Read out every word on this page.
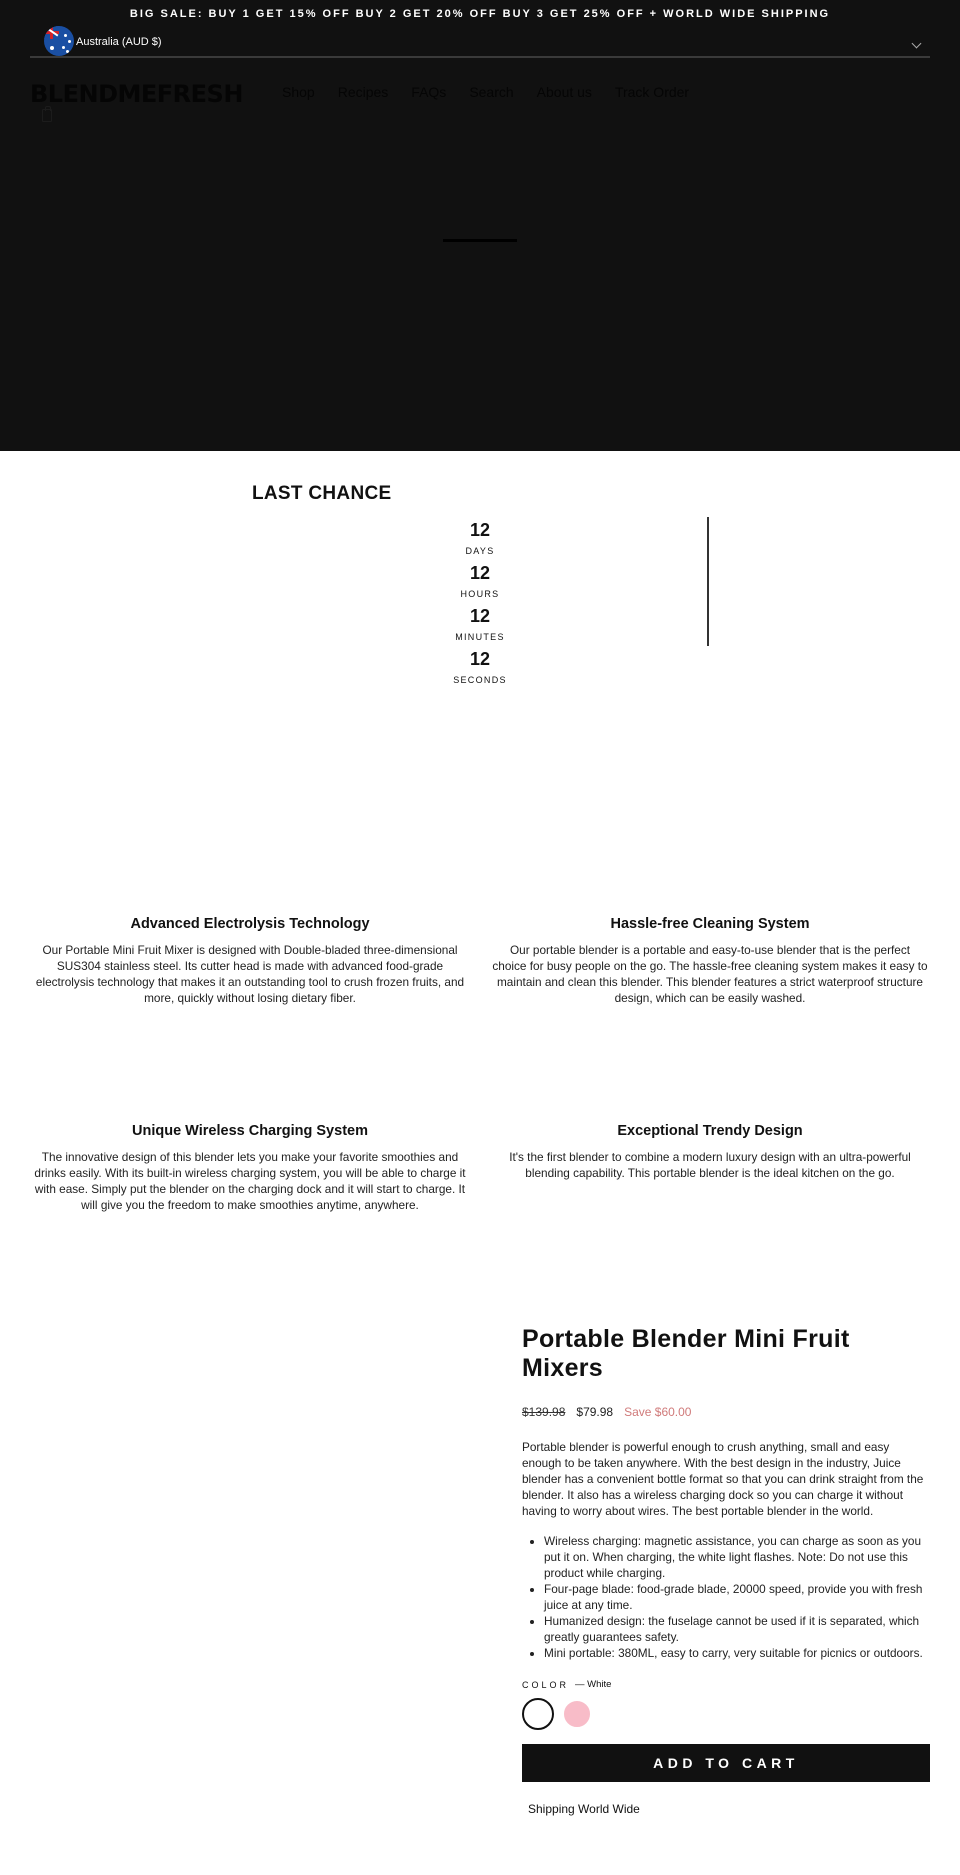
BIG SALE: BUY 1 GET 15% OFF BUY 2 GET 20% OFF BUY 3 GET 25% OFF + WORLD WIDE SHIPPING
Australia (AUD $)
BLENDMEFRESH	Shop Recipes FAQs Search About us Track Order
LAST CHANCE
12
DAYS
12
HOURS
12
MINUTES
12
SECONDS
Advanced Electrolysis Technology

Our Portable Mini Fruit Mixer is designed with Double-bladed three-dimensional SUS304 stainless steel. Its cutter head is made with advanced food-grade electrolysis technology that makes it an outstanding tool to crush frozen fruits, and more, quickly without losing dietary fiber.

Hassle-free Cleaning System

Our portable blender is a portable and easy-to-use blender that is the perfect choice for busy people on the go. The hassle-free cleaning system makes it easy to maintain and clean this blender. This blender features a strict waterproof structure design, which can be easily washed.

Unique Wireless Charging System

The innovative design of this blender lets you make your favorite smoothies and drinks easily. With its built-in wireless charging system, you will be able to charge it with ease. Simply put the blender on the charging dock and it will start to charge. It will give you the freedom to make smoothies anytime, anywhere.

Exceptional Trendy Design

It's the first blender to combine a modern luxury design with an ultra-powerful blending capability. This portable blender is the ideal kitchen on the go.

Portable Blender Mini Fruit Mixers
$139.98 $79.98 Save $60.00

Portable blender is powerful enough to crush anything, small and easy enough to be taken anywhere. With the best design in the industry, Juice blender has a convenient bottle format so that you can drink straight from the blender. It also has a wireless charging dock so you can charge it without having to worry about wires. The best portable blender in the world.

• Wireless charging: magnetic assistance, you can charge as soon as you put it on. When charging, the white light flashes. Note: Do not use this product while charging.
• Four-page blade: food-grade blade, 20000 speed, provide you with fresh juice at any time.
• Humanized design: the fuselage cannot be used if it is separated, which greatly guarantees safety.
• Mini portable: 380ML, easy to carry, very suitable for picnics or outdoors.
COLOR — White
ADD TO CART
Shipping World Wide
